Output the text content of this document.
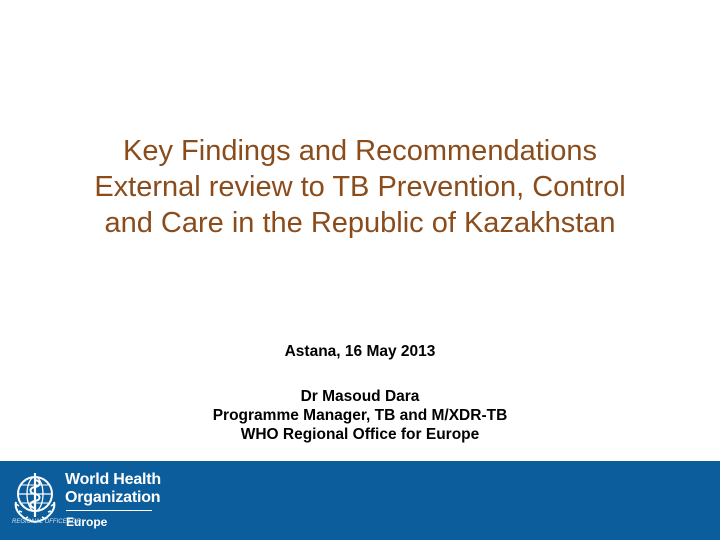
Key Findings and Recommendations
External review to TB Prevention, Control
and Care in the Republic of Kazakhstan
Astana, 16 May 2013
Dr Masoud Dara
Programme Manager, TB and M/XDR-TB
WHO Regional Office for Europe
World Health
Organization
REGIONAL OFFICE FOR
Europe
